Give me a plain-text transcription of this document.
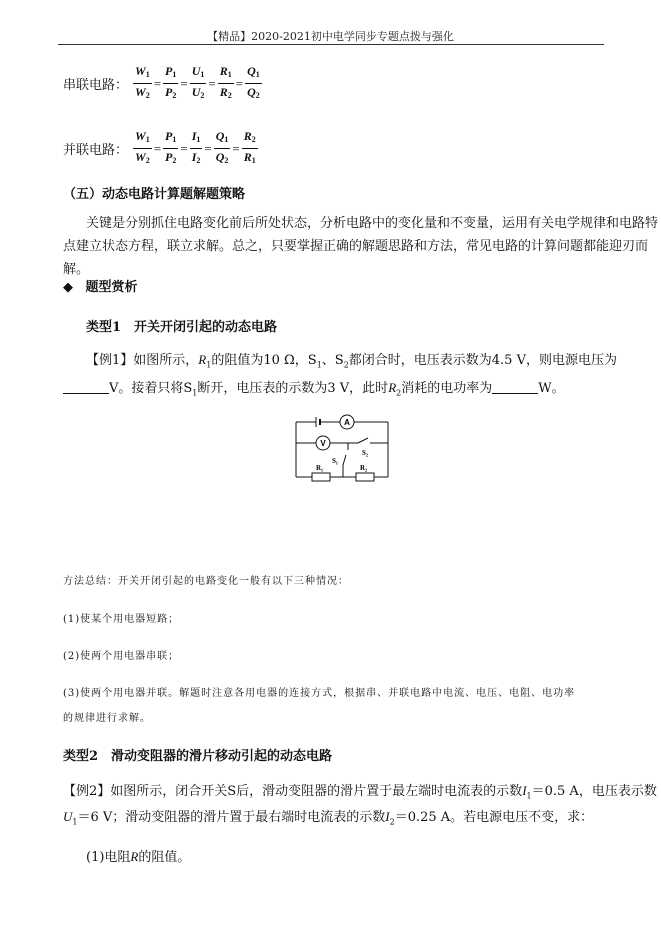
【精品】2020-2021初中电学同步专题点拨与强化
串联电路： $\frac{W_1}{W_2} = \frac{P_1}{P_2} = \frac{U_1}{U_2} = \frac{R_1}{R_2} = \frac{Q_1}{Q_2}$
并联电路： $\frac{W_1}{W_2} = \frac{P_1}{P_2} = \frac{I_1}{I_2} = \frac{Q_1}{Q_2} = \frac{R_2}{R_1}$
（五）动态电路计算题解题策略
关键是分别抓住电路变化前后所处状态，分析电路中的变化量和不变量，运用有关电学规律和电路特
点建立状态方程，联立求解。总之，只要掌握正确的解题思路和方法，常见电路的计算问题都能迎刃而解。
◆ 题型赏析
类型1　开关开闭引起的动态电路
【例1】如图所示，$R_1$的阻值为10 Ω，$S_1$、$S_2$都闭合时，电压表示数为4.5 V，则电源电压为
V。接着只将$S_1$断开，电压表的示数为3 V，此时$R_2$消耗的电功率为	W。
A
V
S₁
S₂
R₁	R₂
方法总结：开关开闭引起的电路变化一般有以下三种情况：
(1)使某个用电器短路；
(2)使两个用电器串联；
(3)使两个用电器并联。解题时注意各用电器的连接方式，根据串、并联电路中电流、电压、电阻、电功率
的规律进行求解。
类型2　滑动变阻器的滑片移动引起的动态电路
【例2】如图所示，闭合开关S后，滑动变阻器的滑片置于最左端时电流表的示数$I_1=0.5$ A，电压表示数
$U_1=6$ V；滑动变阻器的滑片置于最右端时电流表的示数$I_2=0.25$ A。若电源电压不变，求：
(1)电阻R的阻值。
